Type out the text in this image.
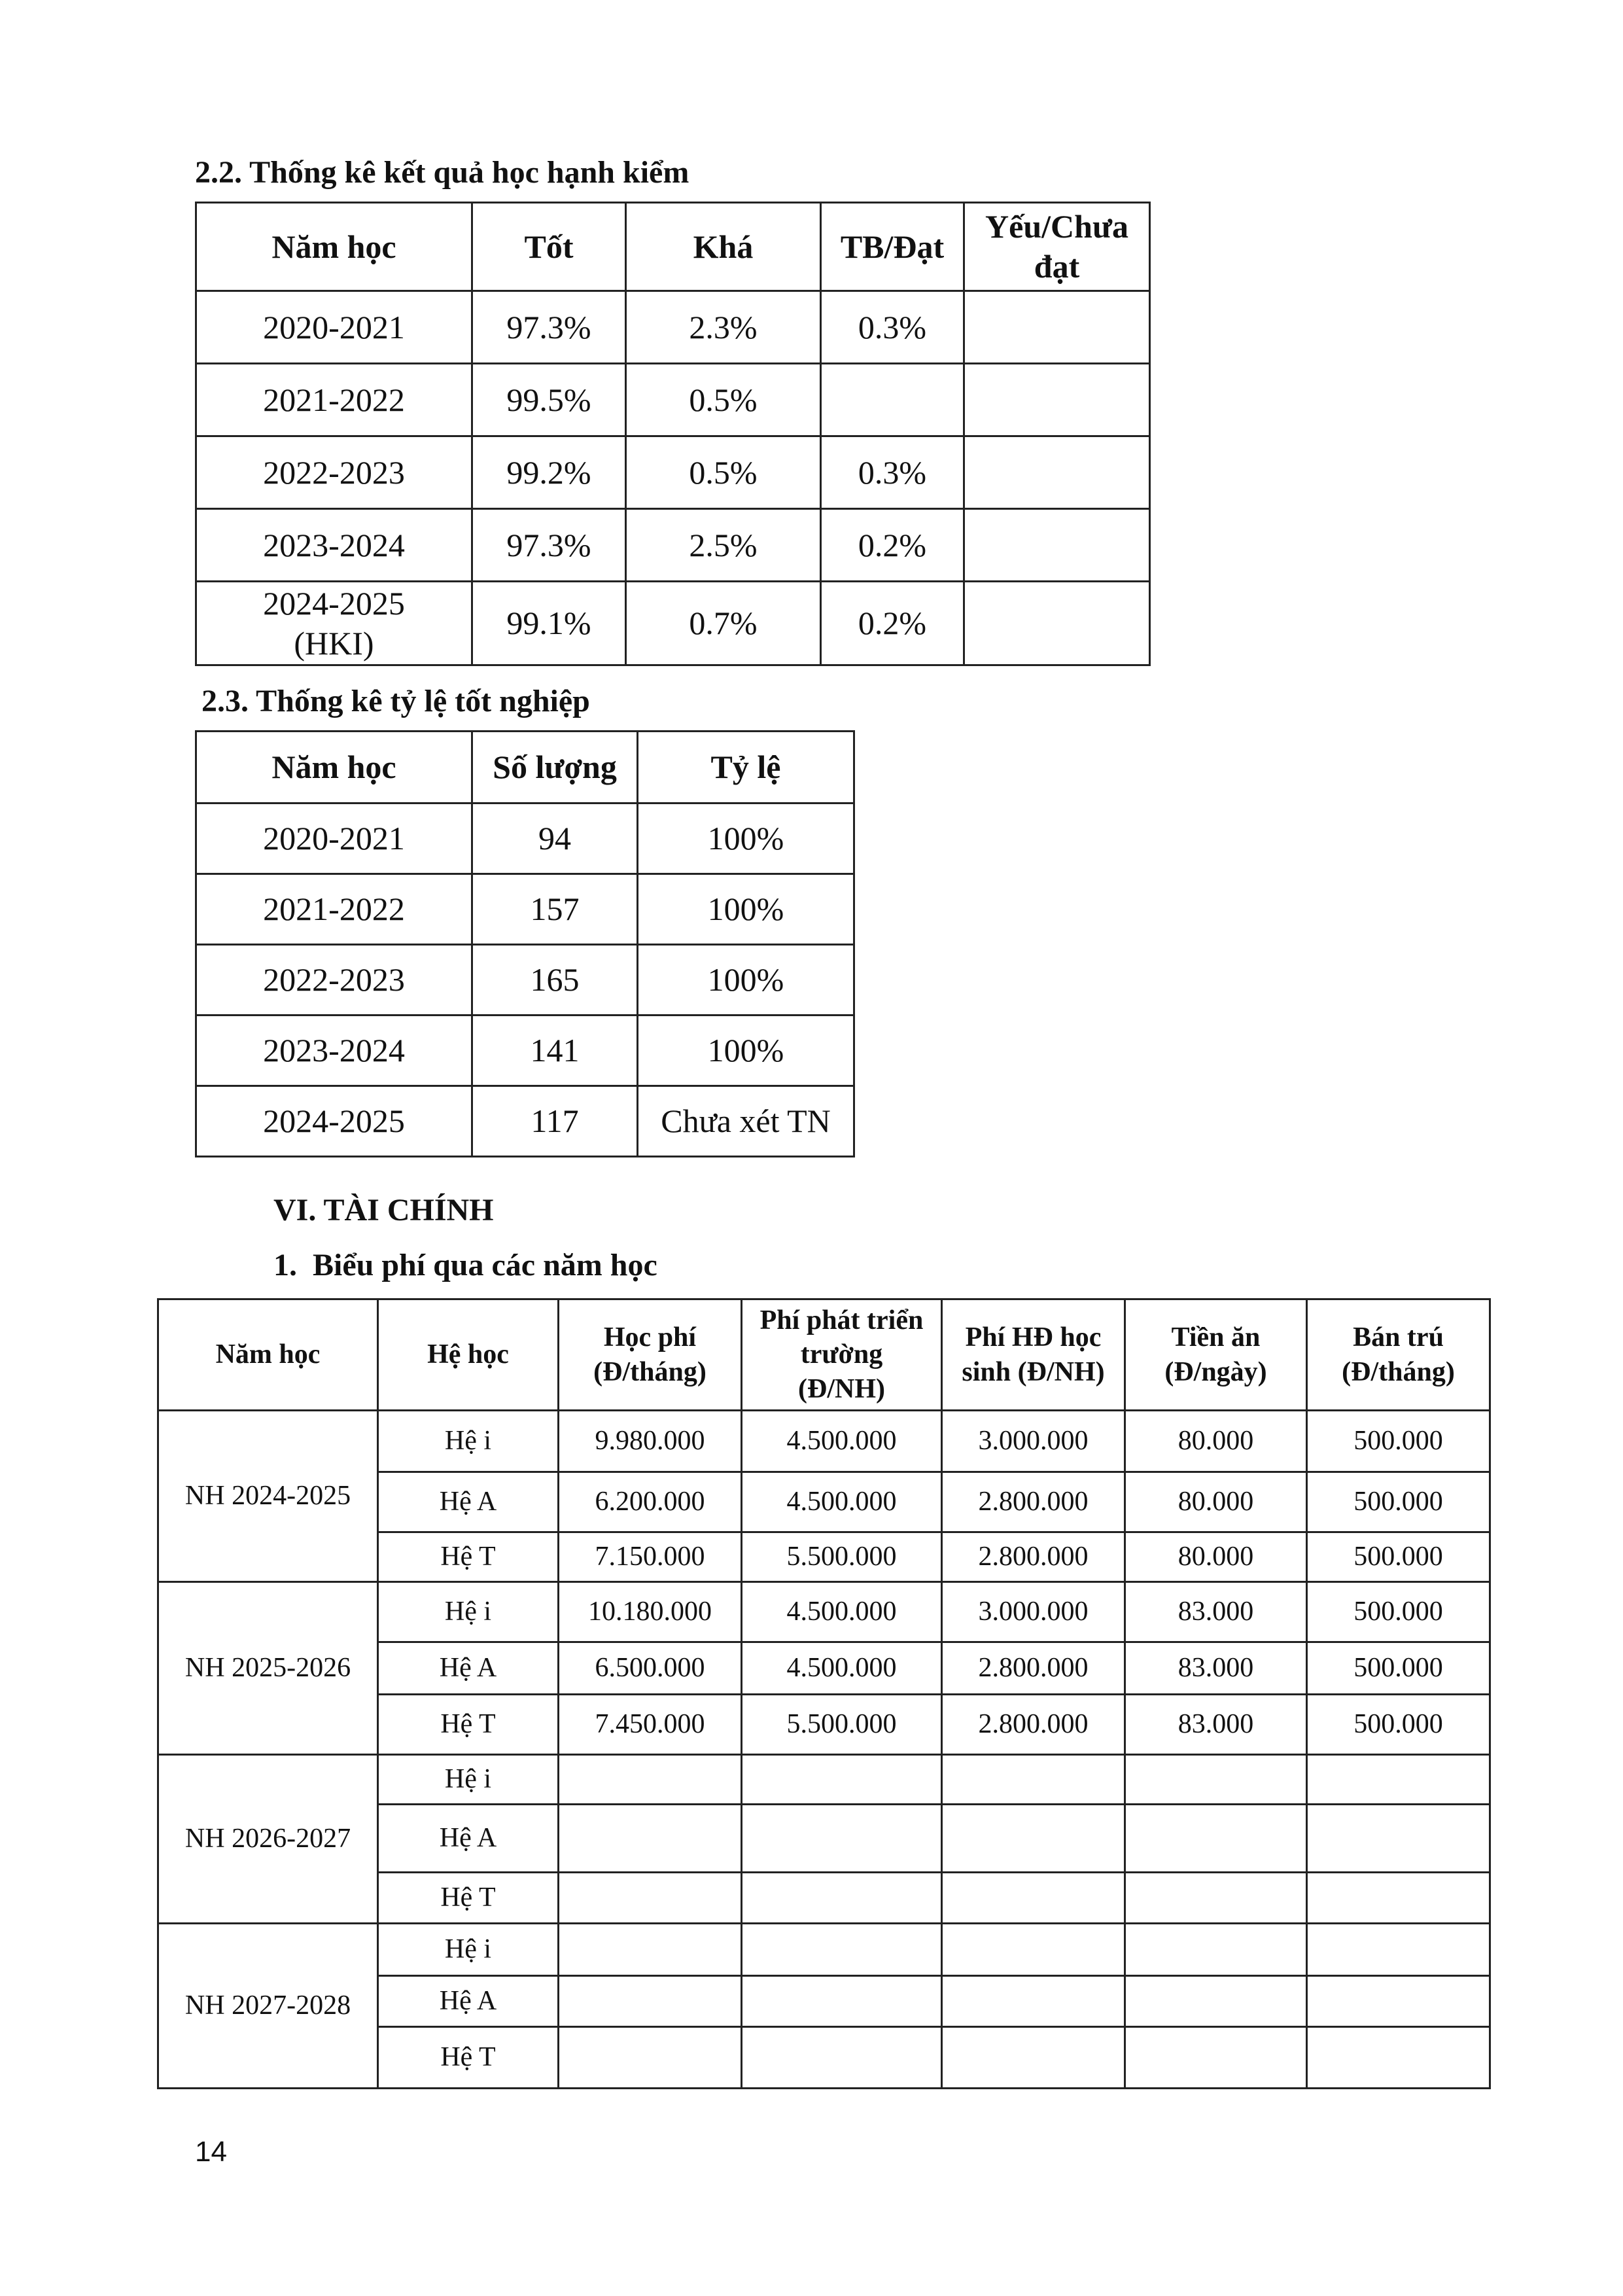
2.2. Thống kê kết quả học hạnh kiểm
Năm học	Tốt	Khá	TB/Đạt	Yếu/Chưa đạt
2020-2021	97.3%	2.3%	0.3%	
2021-2022	99.5%	0.5%		
2022-2023	99.2%	0.5%	0.3%	
2023-2024	97.3%	2.5%	0.2%	
2024-2025 (HKI)	99.1%	0.7%	0.2%	
2.3. Thống kê tỷ lệ tốt nghiệp
Năm học	Số lượng	Tỷ lệ
2020-2021	94	100%
2021-2022	157	100%
2022-2023	165	100%
2023-2024	141	100%
2024-2025	117	Chưa xét TN
VI. TÀI CHÍNH
1.  Biểu phí qua các năm học
Năm học	Hệ học	Học phí (Đ/tháng)	Phí phát triển trường (Đ/NH)	Phí HĐ học sinh (Đ/NH)	Tiền ăn (Đ/ngày)	Bán trú (Đ/tháng)
NH 2024-2025	Hệ i	9.980.000	4.500.000	3.000.000	80.000	500.000
	Hệ A	6.200.000	4.500.000	2.800.000	80.000	500.000
	Hệ T	7.150.000	5.500.000	2.800.000	80.000	500.000
NH 2025-2026	Hệ i	10.180.000	4.500.000	3.000.000	83.000	500.000
	Hệ A	6.500.000	4.500.000	2.800.000	83.000	500.000
	Hệ T	7.450.000	5.500.000	2.800.000	83.000	500.000
NH 2026-2027	Hệ i					
	Hệ A					
	Hệ T					
NH 2027-2028	Hệ i					
	Hệ A					
	Hệ T					
14
